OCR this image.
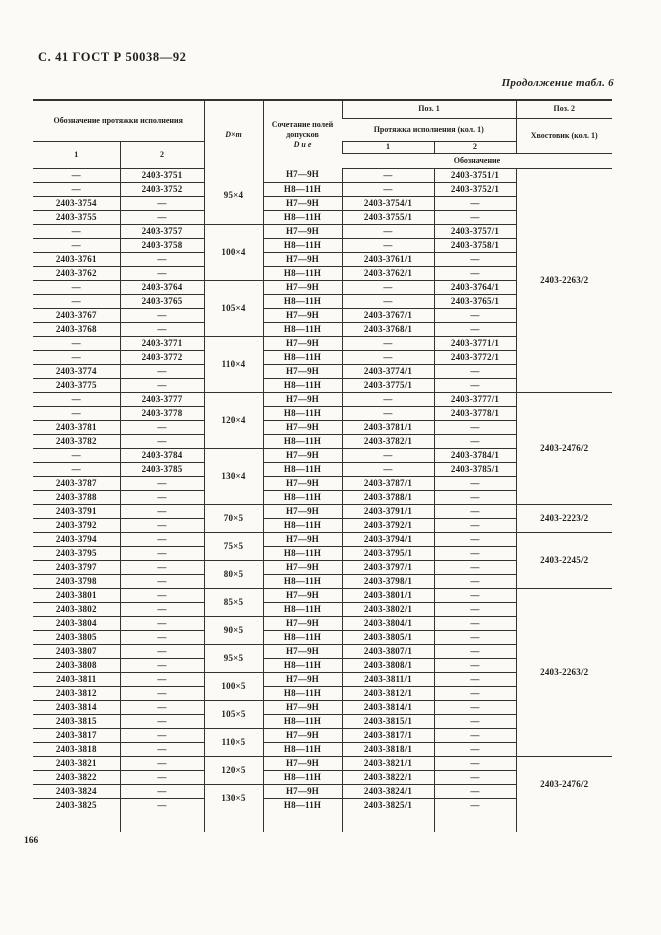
С. 41 ГОСТ Р 50038—92
Продолжение табл. 6
Обозначение протяжки исполнения		D×m	Сочетание полей
допусков
D и е	Поз. 1		Поз. 2
				Протяжка исполнения (кол. 1)		Хвостовик (кол. 1)
1	2			1	2	
				Обозначение		
—	2403-3751	95×4	H7—9H	—	2403-3751/1	2403-2263/2
—	2403-3752		H8—11H	—	2403-3752/1	
2403-3754	—		H7—9H	2403-3754/1	—	
2403-3755	—		H8—11H	2403-3755/1	—	
—	2403-3757	100×4	H7—9H	—	2403-3757/1	
—	2403-3758		H8—11H	—	2403-3758/1	
2403-3761	—		H7—9H	2403-3761/1	—	
2403-3762	—		H8—11H	2403-3762/1	—	
—	2403-3764	105×4	H7—9H	—	2403-3764/1	
—	2403-3765		H8—11H	—	2403-3765/1	
2403-3767	—		H7—9H	2403-3767/1	—	
2403-3768	—		H8—11H	2403-3768/1	—	
—	2403-3771	110×4	H7—9H	—	2403-3771/1	
—	2403-3772		H8—11H	—	2403-3772/1	
2403-3774	—		H7—9H	2403-3774/1	—	
2403-3775	—		H8—11H	2403-3775/1	—	
—	2403-3777	120×4	H7—9H	—	2403-3777/1	2403-2476/2
—	2403-3778		H8—11H	—	2403-3778/1	
2403-3781	—		H7—9H	2403-3781/1	—	
2403-3782	—		H8—11H	2403-3782/1	—	
—	2403-3784	130×4	H7—9H	—	2403-3784/1	
—	2403-3785		H8—11H	—	2403-3785/1	
2403-3787	—		H7—9H	2403-3787/1	—	
2403-3788	—		H8—11H	2403-3788/1	—	
2403-3791	—	70×5	H7—9H	2403-3791/1	—	2403-2223/2
2403-3792	—		H8—11H	2403-3792/1	—	
2403-3794	—	75×5	H7—9H	2403-3794/1	—	2403-2245/2
2403-3795	—		H8—11H	2403-3795/1	—	
2403-3797	—	80×5	H7—9H	2403-3797/1	—	
2403-3798	—		H8—11H	2403-3798/1	—	
2403-3801	—	85×5	H7—9H	2403-3801/1	—	2403-2263/2
2403-3802	—		H8—11H	2403-3802/1	—	
2403-3804	—	90×5	H7—9H	2403-3804/1	—	
2403-3805	—		H8—11H	2403-3805/1	—	
2403-3807	—	95×5	H7—9H	2403-3807/1	—	
2403-3808	—		H8—11H	2403-3808/1	—	
2403-3811	—	100×5	H7—9H	2403-3811/1	—	
2403-3812	—		H8—11H	2403-3812/1	—	
2403-3814	—	105×5	H7—9H	2403-3814/1	—	
2403-3815	—		H8—11H	2403-3815/1	—	
2403-3817	—	110×5	H7—9H	2403-3817/1	—	
2403-3818	—		H8—11H	2403-3818/1	—	
2403-3821	—	120×5	H7—9H	2403-3821/1	—	2403-2476/2
2403-3822	—		H8—11H	2403-3822/1	—	
2403-3824	—	130×5	H7—9H	2403-3824/1	—	
2403-3825	—		H8—11H	2403-3825/1	—	

166
